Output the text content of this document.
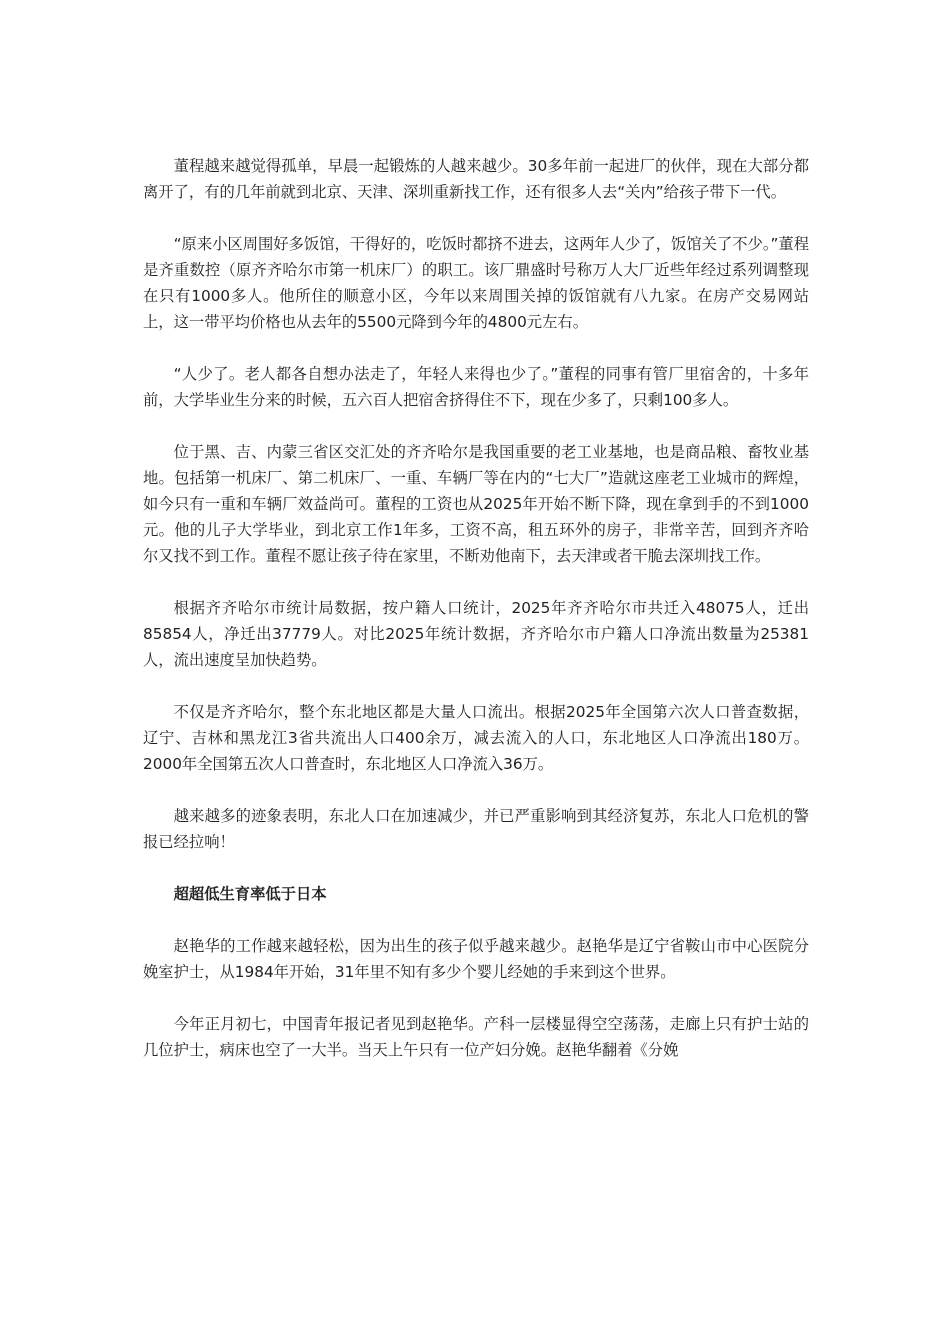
董程越来越觉得孤单，早晨一起锻炼的人越来越少。30多年前一起进厂的伙伴，现在大部分都离开了，有的几年前就到北京、天津、深圳重新找工作，还有很多人去“关内”给孩子带下一代。

“原来小区周围好多饭馆，干得好的，吃饭时都挤不进去，这两年人少了，饭馆关了不少。”董程是齐重数控（原齐齐哈尔市第一机床厂）的职工。该厂鼎盛时号称万人大厂近些年经过系列调整现在只有1000多人。他所住的顺意小区，今年以来周围关掉的饭馆就有八九家。在房产交易网站上，这一带平均价格也从去年的5500元降到今年的4800元左右。

“人少了。老人都各自想办法走了，年轻人来得也少了。”董程的同事有管厂里宿舍的，十多年前，大学毕业生分来的时候，五六百人把宿舍挤得住不下，现在少多了，只剩100多人。

位于黑、吉、内蒙三省区交汇处的齐齐哈尔是我国重要的老工业基地，也是商品粮、畜牧业基地。包括第一机床厂、第二机床厂、一重、车辆厂等在内的“七大厂”造就这座老工业城市的辉煌，如今只有一重和车辆厂效益尚可。董程的工资也从2025年开始不断下降，现在拿到手的不到1000元。他的儿子大学毕业，到北京工作1年多，工资不高，租五环外的房子，非常辛苦，回到齐齐哈尔又找不到工作。董程不愿让孩子待在家里，不断劝他南下，去天津或者干脆去深圳找工作。

根据齐齐哈尔市统计局数据，按户籍人口统计，2025年齐齐哈尔市共迁入48075人，迁出85854人，净迁出37779人。对比2025年统计数据，齐齐哈尔市户籍人口净流出数量为25381人，流出速度呈加快趋势。

不仅是齐齐哈尔，整个东北地区都是大量人口流出。根据2025年全国第六次人口普查数据，辽宁、吉林和黑龙江3省共流出人口400余万，减去流入的人口，东北地区人口净流出180万。2000年全国第五次人口普查时，东北地区人口净流入36万。

越来越多的迹象表明，东北人口在加速减少，并已严重影响到其经济复苏，东北人口危机的警报已经拉响！

超超低生育率低于日本

赵艳华的工作越来越轻松，因为出生的孩子似乎越来越少。赵艳华是辽宁省鞍山市中心医院分娩室护士，从1984年开始，31年里不知有多少个婴儿经她的手来到这个世界。

今年正月初七，中国青年报记者见到赵艳华。产科一层楼显得空空荡荡，走廊上只有护士站的几位护士，病床也空了一大半。当天上午只有一位产妇分娩。赵艳华翻着《分娩
